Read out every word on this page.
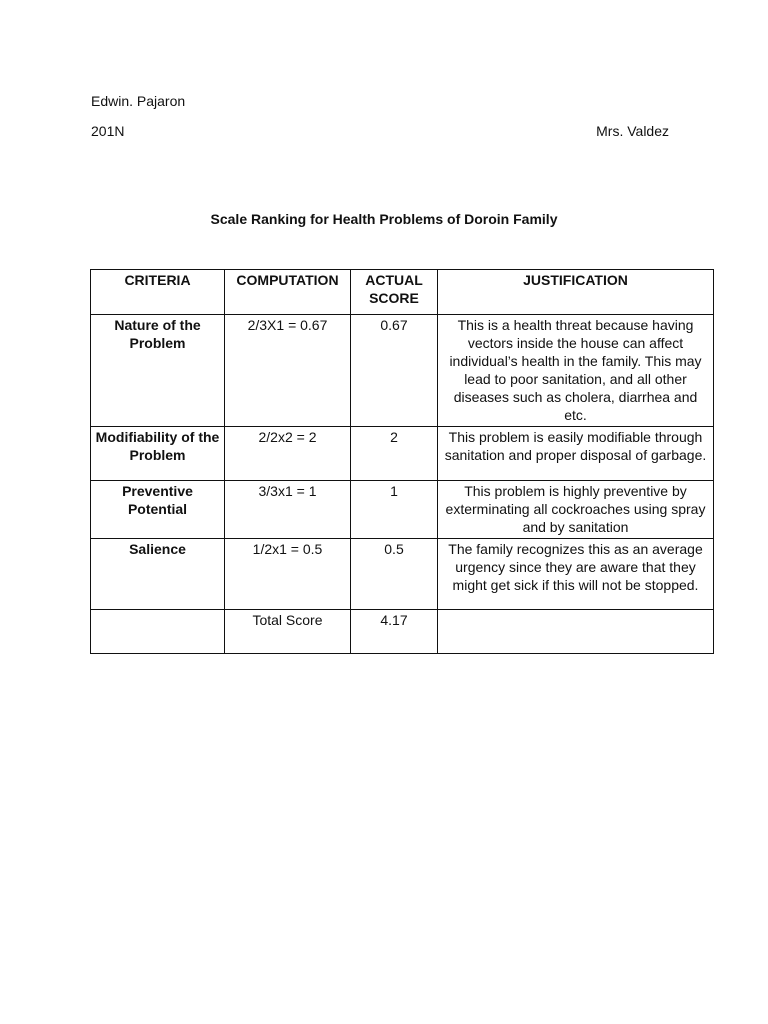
Edwin. Pajaron
201N	Mrs. Valdez
Scale Ranking for Health Problems of Doroin Family
CRITERIA	COMPUTATION	ACTUAL SCORE	JUSTIFICATION
Nature of the Problem	2/3X1 = 0.67	0.67	This is a health threat because having vectors inside the house can affect individual’s health in the family. This may lead to poor sanitation, and all other diseases such as cholera, diarrhea and etc.
Modifiability of the Problem	2/2x2 = 2	2	This problem is easily modifiable through sanitation and proper disposal of garbage.
Preventive Potential	3/3x1 = 1	1	This problem is highly preventive by exterminating all cockroaches using spray and by sanitation
Salience	1/2x1 = 0.5	0.5	The family recognizes this as an average urgency since they are aware that they might get sick if this will not be stopped.
	Total Score	4.17	
